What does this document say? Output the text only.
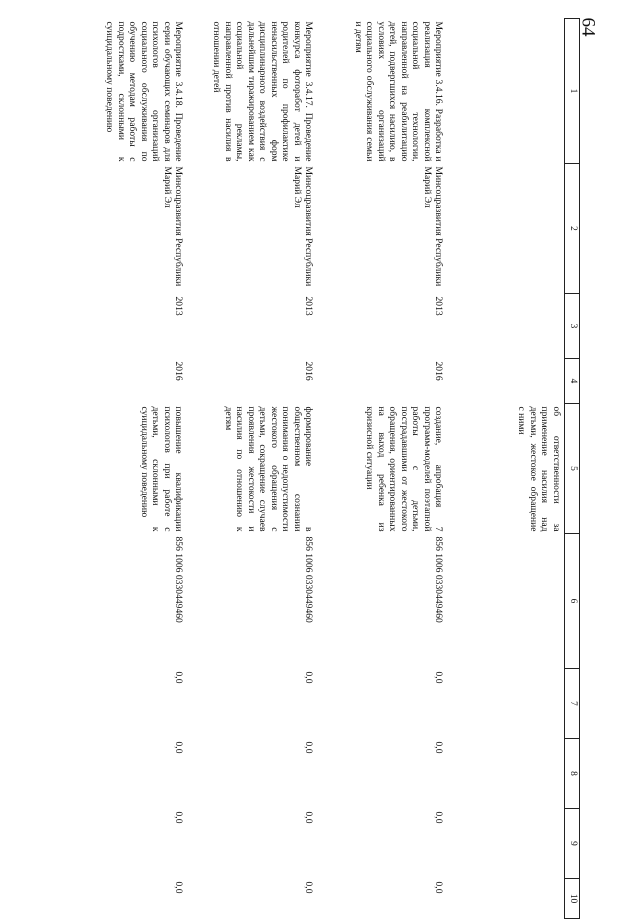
64
1	2	3	4	5	6	7	8	9	10
				об ответственности за применение насилия над детьми, жестокое обращение с ними					
Мероприятие 3.4.16. Разработка и реализация комплексной социальной технологии, направленной на реабилитацию детей, подвергшихся насилию, в условиях организаций социального обслуживания семьи и детям	Минсоцразвития Республики Марий Эл	2013	2016	создание, апробация 7 программ-моделей поэтапной работы с детьми, пострадавшими от жестокого обращения, ориентированных на выход ребенка из кризисной ситуации	856 1006 0330449460	0,0	0,0	0,0	0,0
Мероприятие 3.4.17. Проведение конкурса фоторабот детей и родителей по профилактике ненасильственных форм дисциплинарного воздействия с дальнейшим тиражированием как социальной рекламы, направленной против насилия в отношении детей	Минсоцразвития Республики Марий Эл	2013	2016	формирование в общественном сознании понимания о недопустимости жестокого обращения с детьми, сокращение случаев проявления жестокости и насилия по отношению к детям	856 1006 0330449460	0,0	0,0	0,0	0,0
Мероприятие 3.4.18. Проведение серии обучающих семинаров для психологов организаций социального обслуживания по обучению методам работы с подростками, склонными к суицидальному поведению	Минсоцразвития Республики Марий Эл	2013	2016	повышение квалификации психологов при работе с детьми, склонными к суицидальному поведению	856 1006 0330449460	0,0	0,0	0,0	0,0
